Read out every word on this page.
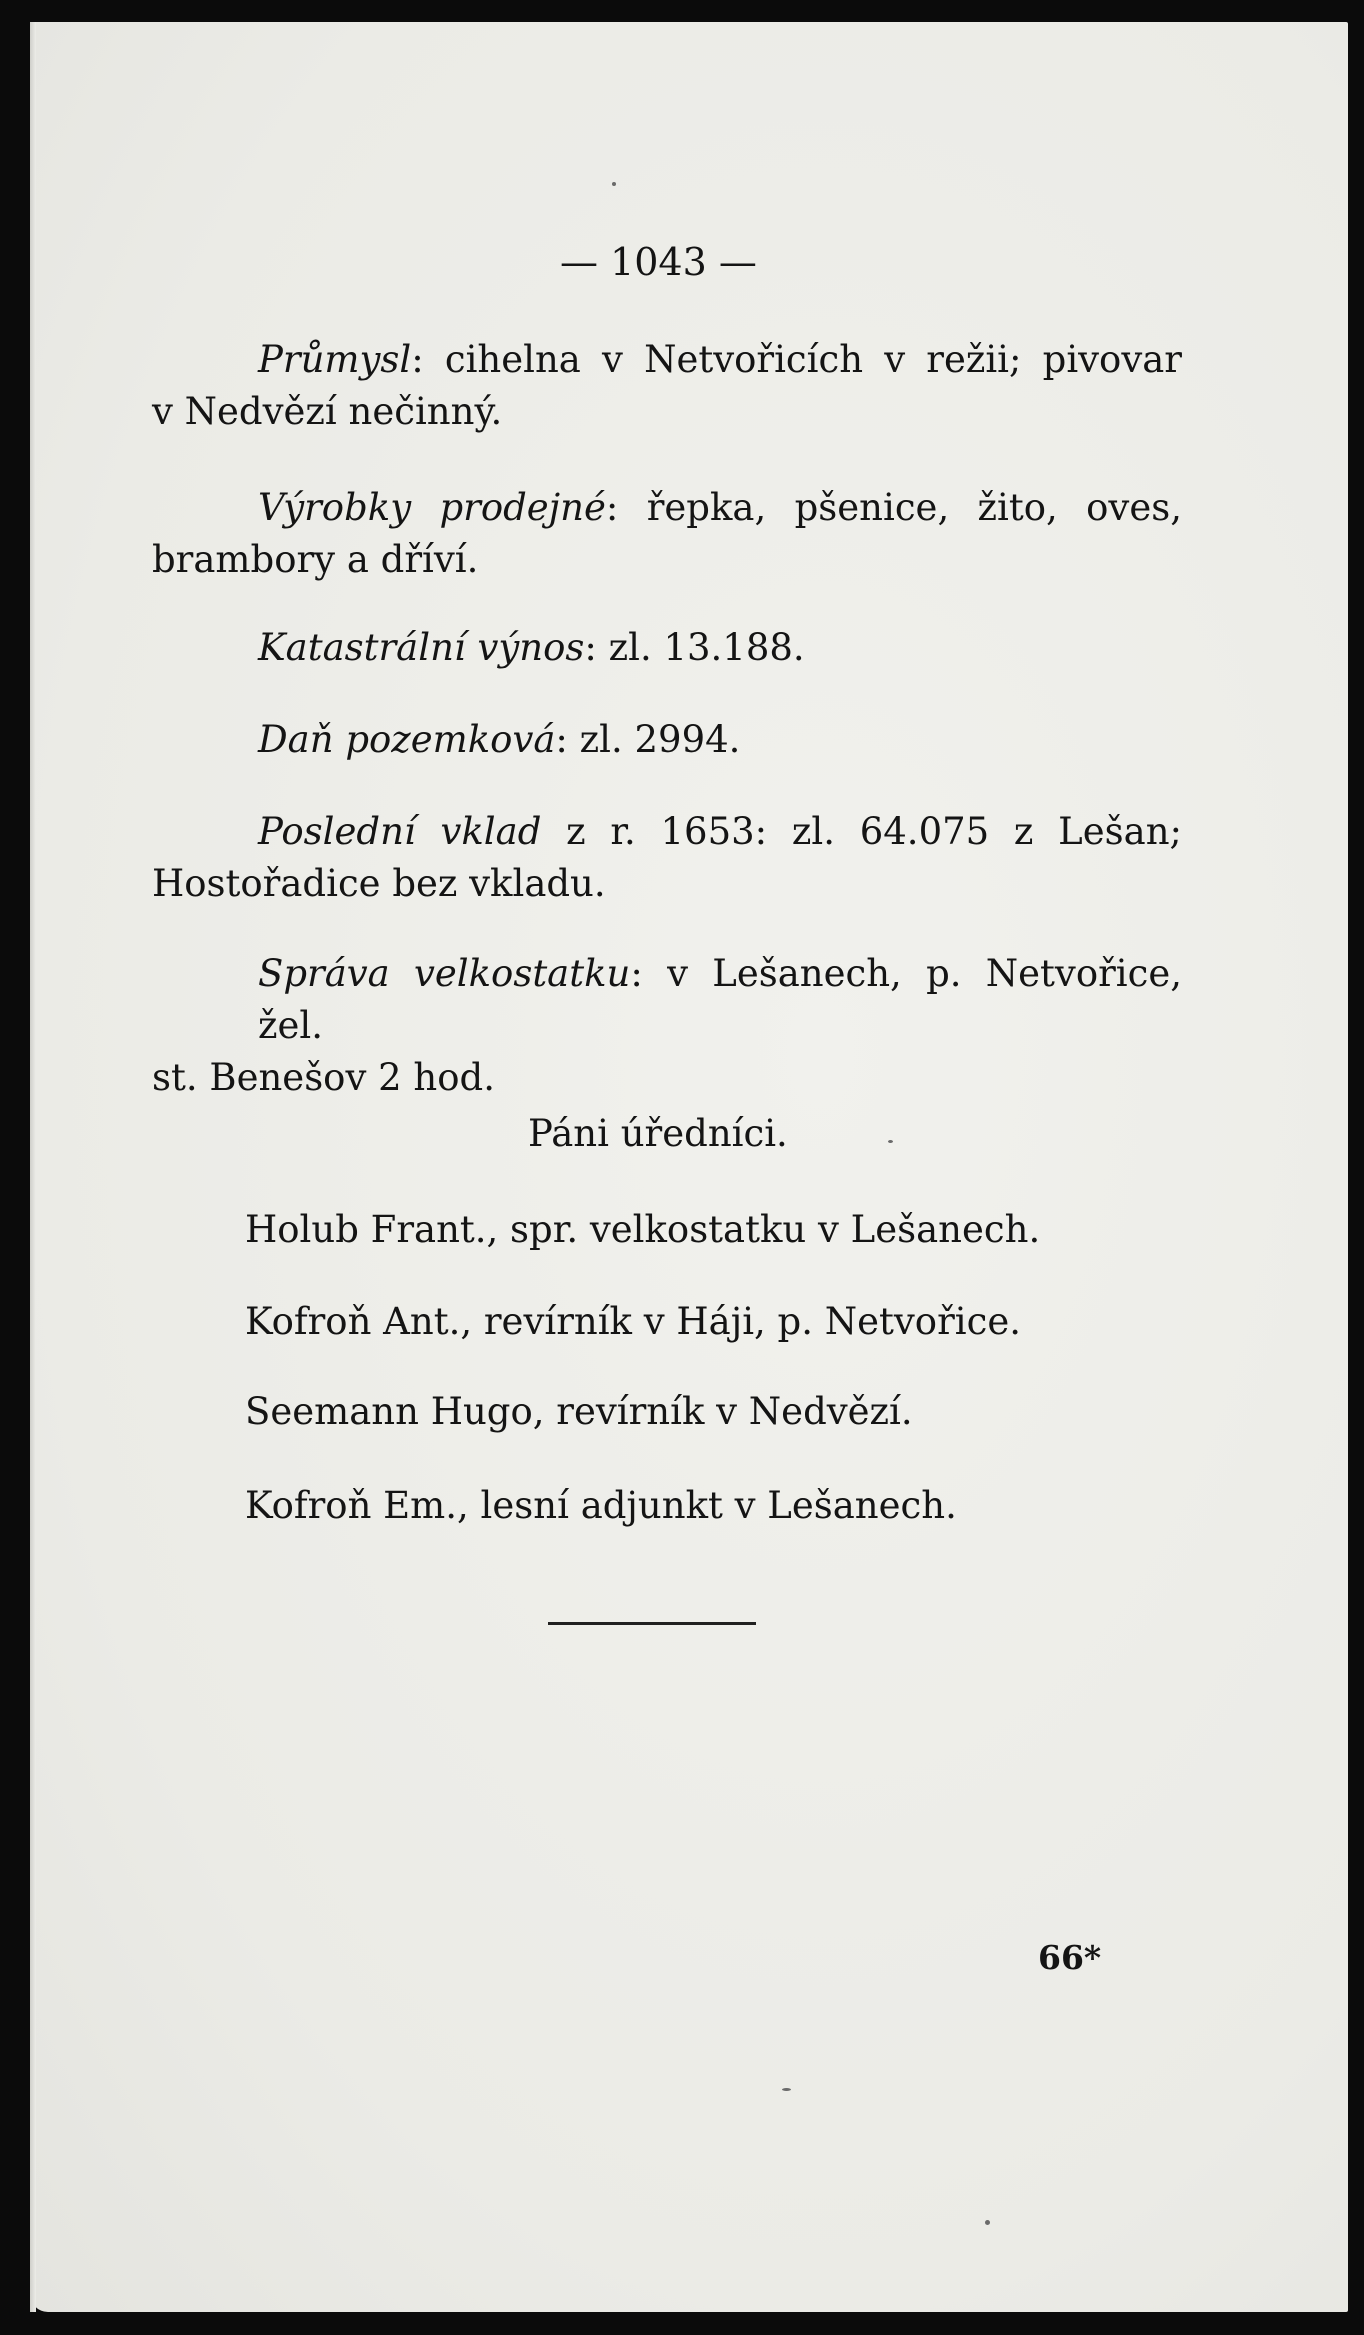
— 1043 —
Průmysl: cihelna v Netvořicích v režii; pivovar
v Nedvězí nečinný.
Výrobky prodejné: řepka, pšenice, žito, oves,
brambory a dříví.
Katastrální výnos: zl. 13.188.
Daň pozemková: zl. 2994.
Poslední vklad z r. 1653: zl. 64.075 z Lešan;
Hostořadice bez vkladu.
Správa velkostatku: v Lešanech, p. Netvořice, žel.
st. Benešov 2 hod.
Páni úředníci.
Holub Frant., spr. velkostatku v Lešanech.
Kofroň Ant., revírník v Háji, p. Netvořice.
Seemann Hugo, revírník v Nedvězí.
Kofroň Em., lesní adjunkt v Lešanech.
66*
